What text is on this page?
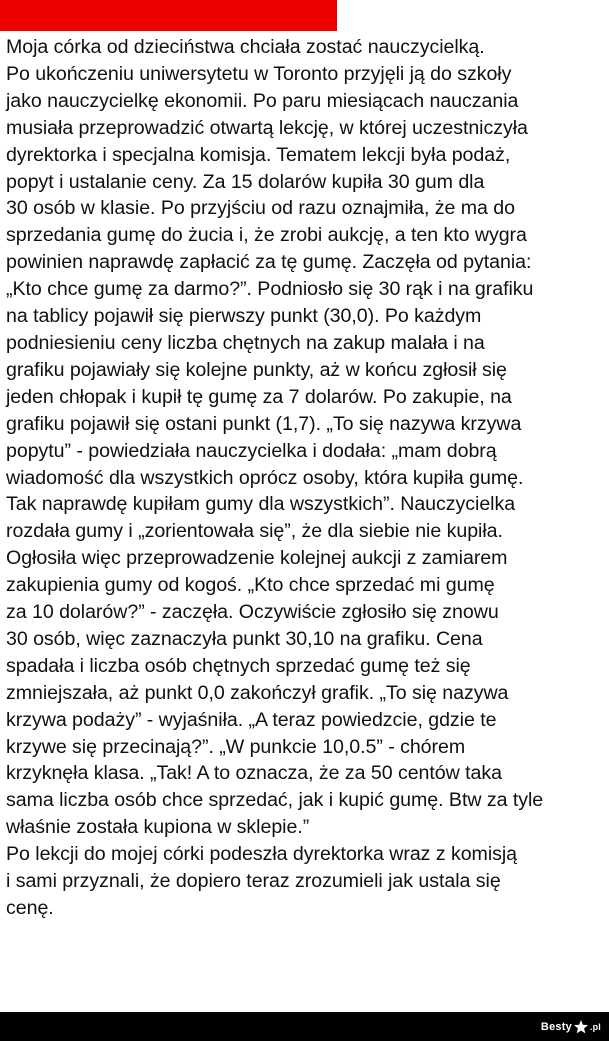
Moja córka od dzieciństwa chciała zostać nauczycielką.
Po ukończeniu uniwersytetu w Toronto przyjęli ją do szkoły
jako nauczycielkę ekonomii. Po paru miesiącach nauczania
musiała przeprowadzić otwartą lekcję, w której uczestniczyła
dyrektorka i specjalna komisja. Tematem lekcji była podaż,
popyt i ustalanie ceny. Za 15 dolarów kupiła 30 gum dla
30 osób w klasie. Po przyjściu od razu oznajmiła, że ma do
sprzedania gumę do żucia i, że zrobi aukcję, a ten kto wygra
powinien naprawdę zapłacić za tę gumę. Zaczęła od pytania:
„Kto chce gumę za darmo?”. Podniosło się 30 rąk i na grafiku
na tablicy pojawił się pierwszy punkt (30,0). Po każdym
podniesieniu ceny liczba chętnych na zakup malała i na
grafiku pojawiały się kolejne punkty, aż w końcu zgłosił się
jeden chłopak i kupił tę gumę za 7 dolarów. Po zakupie, na
grafiku pojawił się ostani punkt (1,7). „To się nazywa krzywa
popytu” - powiedziała nauczycielka i dodała: „mam dobrą
wiadomość dla wszystkich oprócz osoby, która kupiła gumę.
Tak naprawdę kupiłam gumy dla wszystkich”. Nauczycielka
rozdała gumy i „zorientowała się”, że dla siebie nie kupiła.
Ogłosiła więc przeprowadzenie kolejnej aukcji z zamiarem
zakupienia gumy od kogoś. „Kto chce sprzedać mi gumę
za 10 dolarów?” - zaczęła. Oczywiście zgłosiło się znowu
30 osób, więc zaznaczyła punkt 30,10 na grafiku. Cena
spadała i liczba osób chętnych sprzedać gumę też się
zmniejszała, aż punkt 0,0 zakończył grafik. „To się nazywa
krzywa podaży” - wyjaśniła. „A teraz powiedzcie, gdzie te
krzywe się przecinają?”. „W punkcie 10,0.5” - chórem
krzyknęła klasa. „Tak! A to oznacza, że za 50 centów taka
sama liczba osób chce sprzedać, jak i kupić gumę. Btw za tyle
właśnie została kupiona w sklepie.”
Po lekcji do mojej córki podeszła dyrektorka wraz z komisją
i sami przyznali, że dopiero teraz zrozumieli jak ustala się
cenę.
Besty .pl
